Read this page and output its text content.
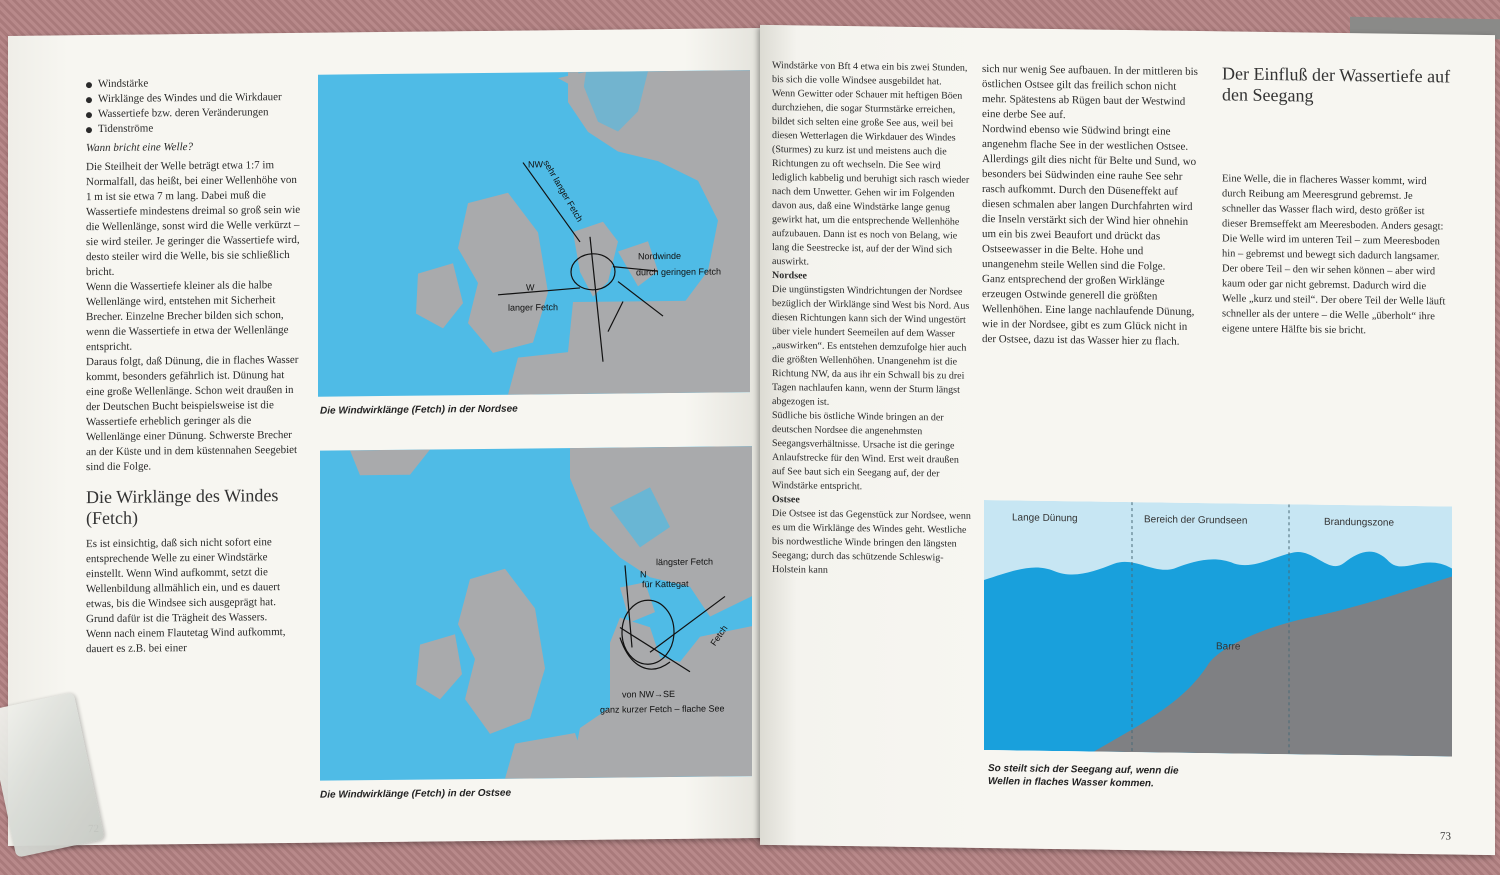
Windstärke
Wirklänge des Windes und die Wirkdauer
Wassertiefe bzw. deren Veränderungen
Tidenströme

Wann bricht eine Welle?

Die Steilheit der Welle beträgt etwa 1:7 im Normalfall, das heißt, bei einer Wellenhöhe von 1 m ist sie etwa 7 m lang. Dabei muß die Wassertiefe mindestens dreimal so groß sein wie die Wellenlänge, sonst wird die Welle verkürzt – sie wird steiler. Je geringer die Wassertiefe wird, desto steiler wird die Welle, bis sie schließlich bricht.

Wenn die Wassertiefe kleiner als die halbe Wellenlänge wird, entstehen mit Sicherheit Brecher. Einzelne Brecher bilden sich schon, wenn die Wassertiefe in etwa der Wellenlänge entspricht.

Daraus folgt, daß Dünung, die in flaches Wasser kommt, besonders gefährlich ist. Dünung hat eine große Wellenlänge. Schon weit draußen in der Deutschen Bucht beispielsweise ist die Wassertiefe erheblich geringer als die Wellenlänge einer Dünung. Schwerste Brecher an der Küste und in dem küstennahen Seegebiet sind die Folge.

Die Wirklänge des Windes (Fetch)

Es ist einsichtig, daß sich nicht sofort eine entsprechende Welle zu einer Windstärke einstellt. Wenn Wind aufkommt, setzt die Wellenbildung allmählich ein, und es dauert etwas, bis die Windsee sich ausgeprägt hat. Grund dafür ist die Trägheit des Wassers.

Wenn nach einem Flautetag Wind aufkommt, dauert es z.B. bei einer

NW
sehr langer Fetch
W
langer Fetch
Nordwinde
durch geringen Fetch
Die Windwirklänge (Fetch) in der Nordsee
N
längster Fetch
für Kattegat
von NW→SE
ganz kurzer Fetch – flache See
Fetch
Die Windwirklänge (Fetch) in der Ostsee

Windstärke von Bft 4 etwa ein bis zwei Stunden, bis sich die volle Windsee ausgebildet hat.

Wenn Gewitter oder Schauer mit heftigen Böen durchziehen, die sogar Sturmstärke erreichen, bildet sich selten eine große See aus, weil bei diesen Wetterlagen die Wirkdauer des Windes (Sturmes) zu kurz ist und meistens auch die Richtungen zu oft wechseln. Die See wird lediglich kabbelig und beruhigt sich rasch wieder nach dem Unwetter. Gehen wir im Folgenden davon aus, daß eine Windstärke lange genug gewirkt hat, um die entsprechende Wellenhöhe aufzubauen. Dann ist es noch von Belang, wie lang die Seestrecke ist, auf der der Wind sich auswirkt.

Nordsee

Die ungünstigsten Windrichtungen der Nordsee bezüglich der Wirklänge sind West bis Nord. Aus diesen Richtungen kann sich der Wind ungestört über viele hundert Seemeilen auf dem Wasser „auswirken“. Es entstehen demzufolge hier auch die größten Wellenhöhen. Unangenehm ist die Richtung NW, da aus ihr ein Schwall bis zu drei Tagen nachlaufen kann, wenn der Sturm längst abgezogen ist.

Südliche bis östliche Winde bringen an der deutschen Nordsee die angenehmsten Seegangsverhältnisse. Ursache ist die geringe Anlaufstrecke für den Wind. Erst weit draußen auf See baut sich ein Seegang auf, der der Windstärke entspricht.

Ostsee

Die Ostsee ist das Gegenstück zur Nordsee, wenn es um die Wirklänge des Windes geht. Westliche bis nordwestliche Winde bringen den längsten Seegang; durch das schützende Schleswig-Holstein kann

sich nur wenig See aufbauen. In der mittleren bis östlichen Ostsee gilt das freilich schon nicht mehr. Spätestens ab Rügen baut der Westwind eine derbe See auf.

Nordwind ebenso wie Südwind bringt eine angenehm flache See in der westlichen Ostsee. Allerdings gilt dies nicht für Belte und Sund, wo besonders bei Südwinden eine rauhe See sehr rasch aufkommt. Durch den Düseneffekt auf diesen schmalen aber langen Durchfahrten wird die Inseln verstärkt sich der Wind hier ohnehin um ein bis zwei Beaufort und drückt das Ostseewasser in die Belte. Hohe und unangenehm steile Wellen sind die Folge.

Ganz entsprechend der großen Wirklänge erzeugen Ostwinde generell die größten Wellenhöhen. Eine lange nachlaufende Dünung, wie in der Nordsee, gibt es zum Glück nicht in der Ostsee, dazu ist das Wasser hier zu flach.

Der Einfluß der Wassertiefe auf den Seegang

Eine Welle, die in flacheres Wasser kommt, wird durch Reibung am Meeresgrund gebremst. Je schneller das Wasser flach wird, desto größer ist dieser Bremseffekt am Meeresboden. Anders gesagt: Die Welle wird im unteren Teil – zum Meeresboden hin – gebremst und bewegt sich dadurch langsamer. Der obere Teil – den wir sehen können – aber wird kaum oder gar nicht gebremst. Dadurch wird die Welle „kurz und steil“. Der obere Teil der Welle läuft schneller als der untere – die Welle „überholt“ ihre eigene untere Hälfte bis sie bricht.

Lange Dünung	Bereich der Grundseen	Brandungszone
Barre
So steilt sich der Seegang auf, wenn die Wellen in flaches Wasser kommen.
73
